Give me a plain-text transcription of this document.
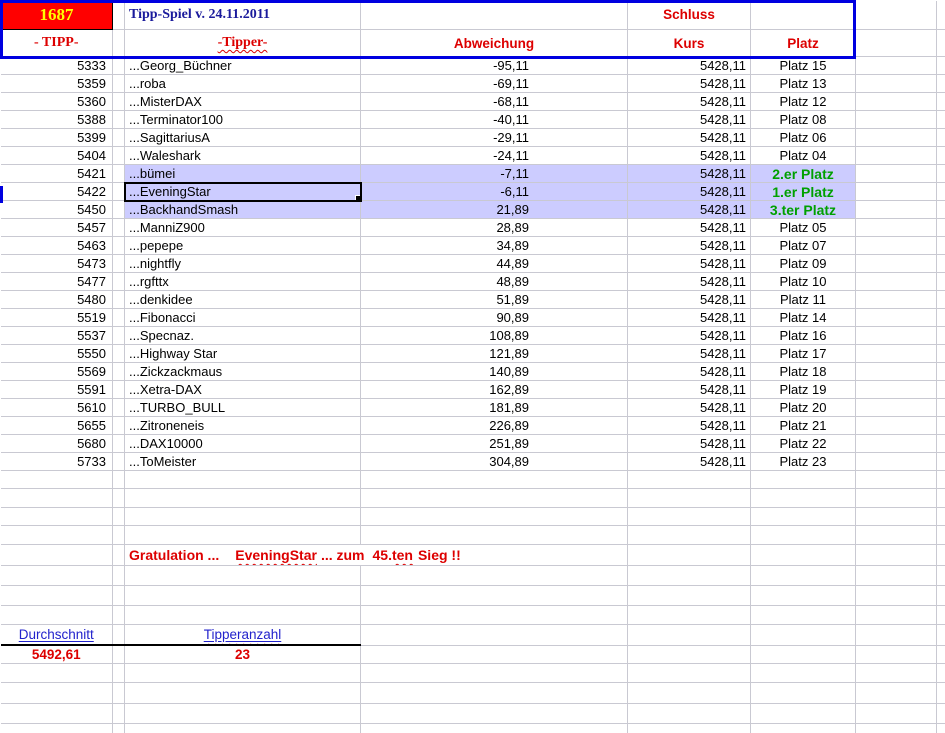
1687		Tipp-Spiel v. 24.11.2011		Schluss			
- TIPP-		-Tipper-	Abweichung	Kurs	Platz		
5333		...Georg_Büchner	-95,11	5428,11	Platz 15		
5359		...roba	-69,11	5428,11	Platz 13		
5360		...MisterDAX	-68,11	5428,11	Platz 12		
5388		...Terminator100	-40,11	5428,11	Platz 08		
5399		...SagittariusA	-29,11	5428,11	Platz 06		
5404		...Waleshark	-24,11	5428,11	Platz 04		
5421		...bümei	-7,11	5428,11	2.er Platz		
5422		...EveningStar	-6,11	5428,11	1.er Platz		
5450		...BackhandSmash	21,89	5428,11	3.ter Platz		
5457		...ManniZ900	28,89	5428,11	Platz 05		
5463		...pepepe	34,89	5428,11	Platz 07		
5473		...nightfly	44,89	5428,11	Platz 09		
5477		...rgfttx	48,89	5428,11	Platz 10		
5480		...denkidee	51,89	5428,11	Platz 11		
5519		...Fibonacci	90,89	5428,11	Platz 14		
5537		...Specnaz.	108,89	5428,11	Platz 16		
5550		...Highway Star	121,89	5428,11	Platz 17		
5569		...Zickzackmaus	140,89	5428,11	Platz 18		
5591		...Xetra-DAX	162,89	5428,11	Platz 19		
5610		...TURBO_BULL	181,89	5428,11	Platz 20		
5655		...Zitroneneis	226,89	5428,11	Platz 21		
5680		...DAX10000	251,89	5428,11	Platz 22		
5733		...ToMeister	304,89	5428,11	Platz 23		

		Gratulation ... EveningStar ... zum 45.ten Sieg !!					

Durchschnitt		Tipperanzahl					
5492,61		23					
